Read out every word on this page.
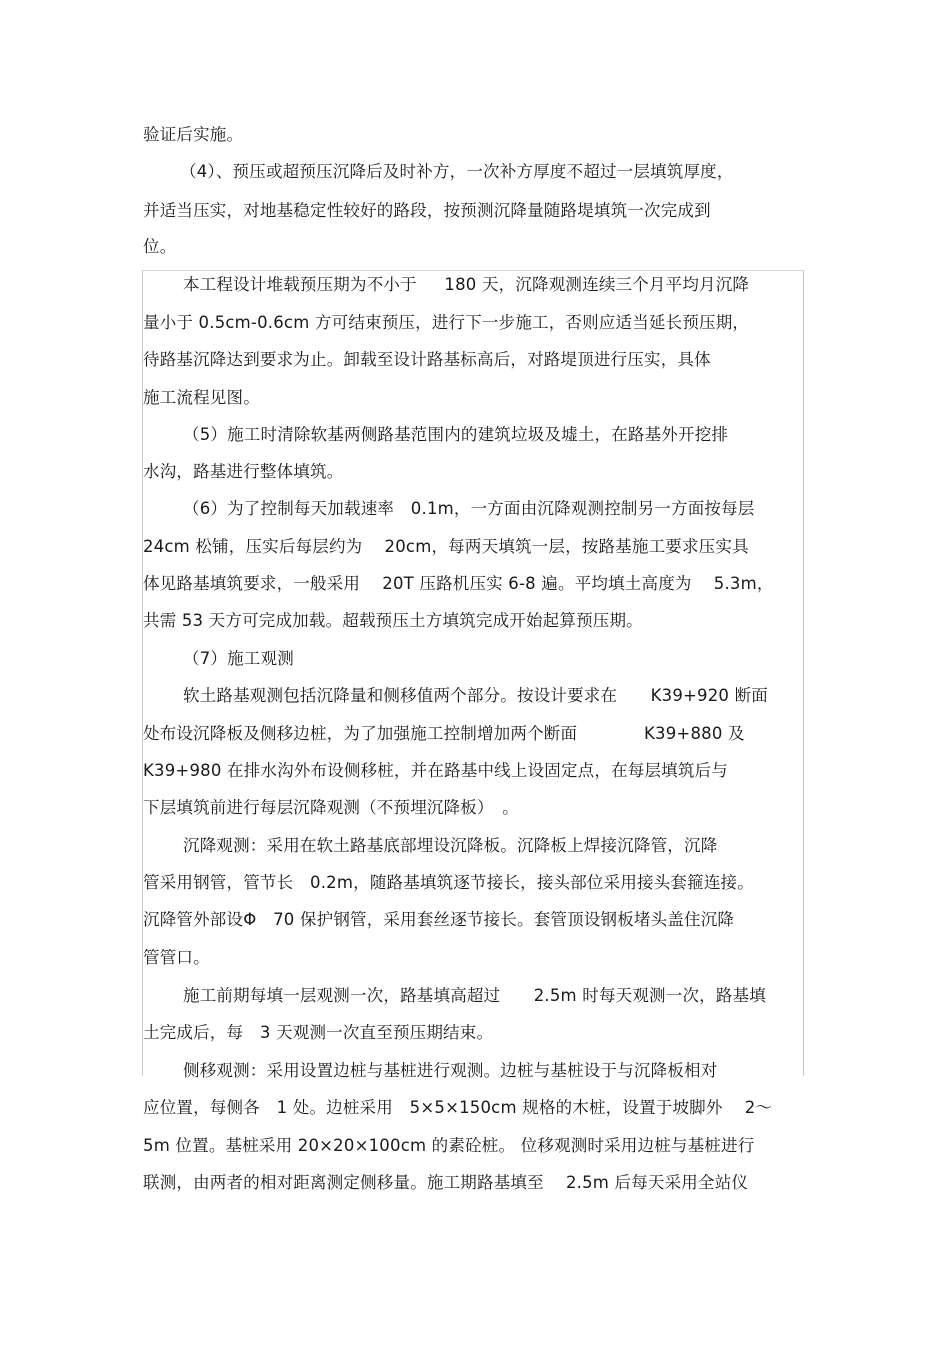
验证后实施。
（4）、预压或超预压沉降后及时补方，一次补方厚度不超过一层填筑厚度，
并适当压实，对地基稳定性较好的路段，按预测沉降量随路堤填筑一次完成到
位。
本工程设计堆载预压期为不小于　  180 天，沉降观测连续三个月平均月沉降
量小于 0.5cm-0.6cm 方可结束预压，进行下一步施工，否则应适当延长预压期，
待路基沉降达到要求为止。卸载至设计路基标高后，对路堤顶进行压实，具体
施工流程见图。
（5）施工时清除软基两侧路基范围内的建筑垃圾及墟土，在路基外开挖排
水沟，路基进行整体填筑。
（6）为了控制每天加载速率　0.1m，一方面由沉降观测控制另一方面按每层
24cm 松铺，压实后每层约为　 20cm，每两天填筑一层，按路基施工要求压实具
体见路基填筑要求，一般采用　 20T 压路机压实 6-8 遍。平均填土高度为　 5.3m，
共需 53 天方可完成加载。超载预压土方填筑完成开始起算预压期。
（7）施工观测
软土路基观测包括沉降量和侧移值两个部分。按设计要求在　　K39+920 断面
处布设沉降板及侧移边桩，为了加强施工控制增加两个断面　　　　K39+880 及
K39+980 在排水沟外布设侧移桩，并在路基中线上设固定点，在每层填筑后与
下层填筑前进行每层沉降观测（不预埋沉降板）　。
沉降观测：采用在软土路基底部埋设沉降板。沉降板上焊接沉降管，沉降
管采用钢管，管节长　0.2m，随路基填筑逐节接长，接头部位采用接头套箍连接。
沉降管外部设Φ　70 保护钢管，采用套丝逐节接长。套管顶设钢板堵头盖住沉降
管管口。
施工前期每填一层观测一次，路基填高超过　　2.5m 时每天观测一次，路基填
土完成后，每　3 天观测一次直至预压期结束。
侧移观测：采用设置边桩与基桩进行观测。边桩与基桩设于与沉降板相对
应位置，每侧各　1 处。边桩采用　5×5×150cm 规格的木桩，设置于坡脚外　 2～
5m 位置。基桩采用 20×20×100cm 的素砼桩。 位移观测时采用边桩与基桩进行
联测，由两者的相对距离测定侧移量。施工期路基填至　 2.5m 后每天采用全站仪
